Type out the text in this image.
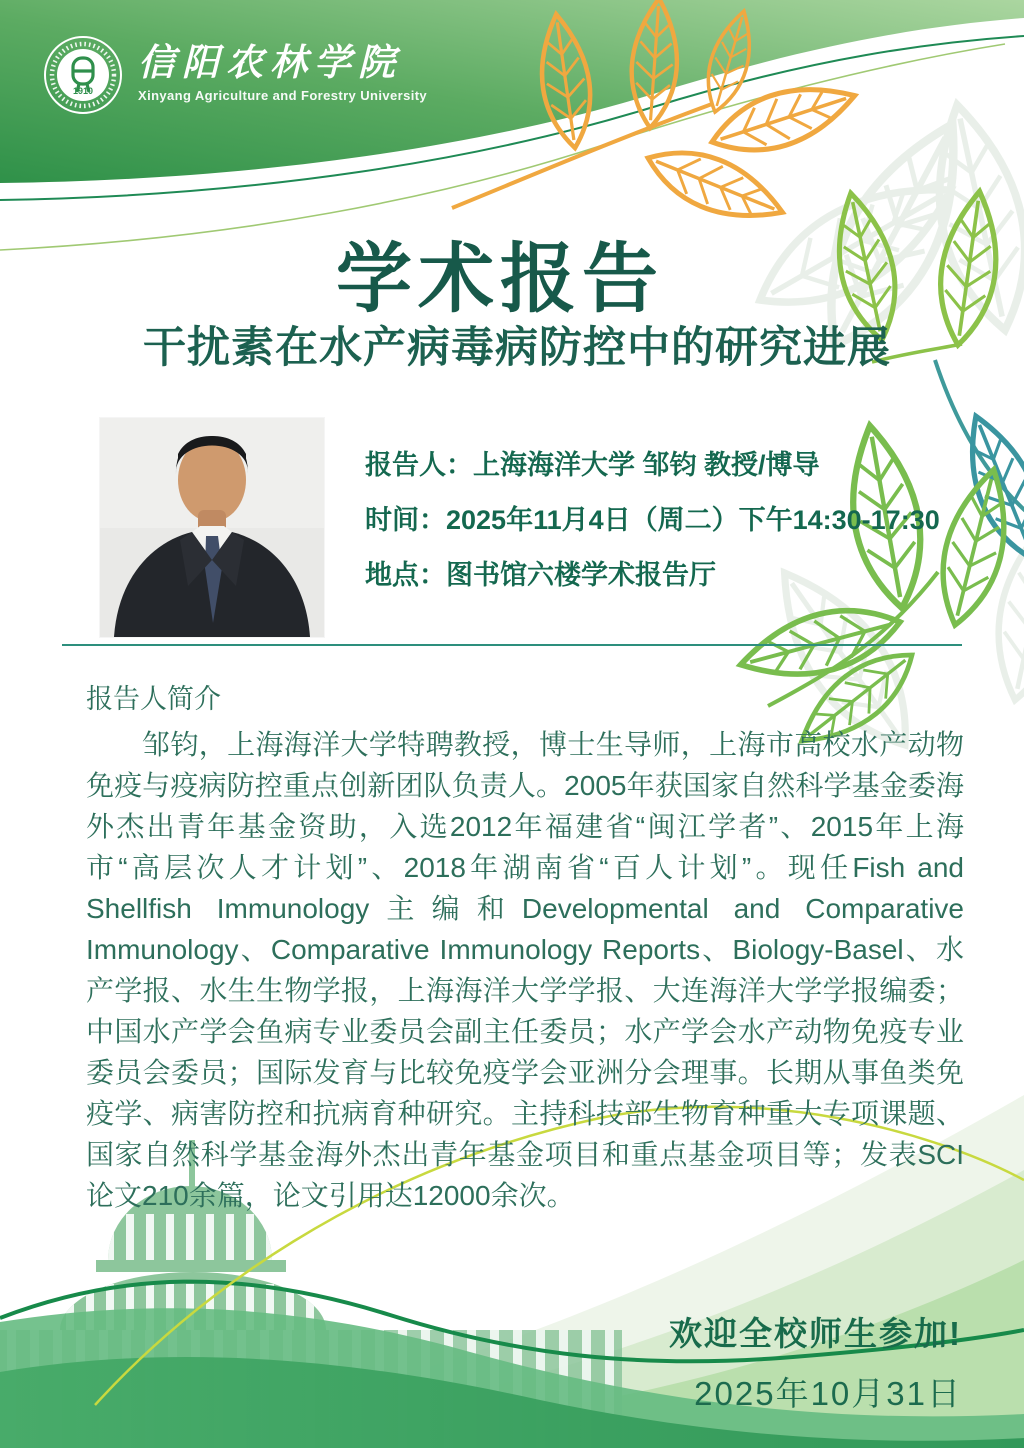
1910
信阳农林学院
Xinyang Agriculture and Forestry University
学术报告
干扰素在水产病毒病防控中的研究进展
报告人：上海海洋大学 邹钧 教授/博导
时间：2025年11月4日（周二）下午14:30-17:30
地点：图书馆六楼学术报告厅

报告人简介

邹钧，上海海洋大学特聘教授，博士生导师，上海市高校水产动物免疫与疫病防控重点创新团队负责人。2005年获国家自然科学基金委海外杰出青年基金资助，入选2012年福建省“闽江学者”、2015年上海市“高层次人才计划”、2018年湖南省“百人计划”。现任Fish and Shellfish Immunology主编和Developmental and Comparative Immunology、Comparative Immunology Reports、Biology-Basel、水产学报、水生生物学报，上海海洋大学学报、大连海洋大学学报编委；中国水产学会鱼病专业委员会副主任委员；水产学会水产动物免疫专业委员会委员；国际发育与比较免疫学会亚洲分会理事。长期从事鱼类免疫学、病害防控和抗病育种研究。主持科技部生物育种重大专项课题、国家自然科学基金海外杰出青年基金项目和重点基金项目等；发表SCI论文210余篇，论文引用达12000余次。

欢迎全校师生参加!
2025年10月31日
